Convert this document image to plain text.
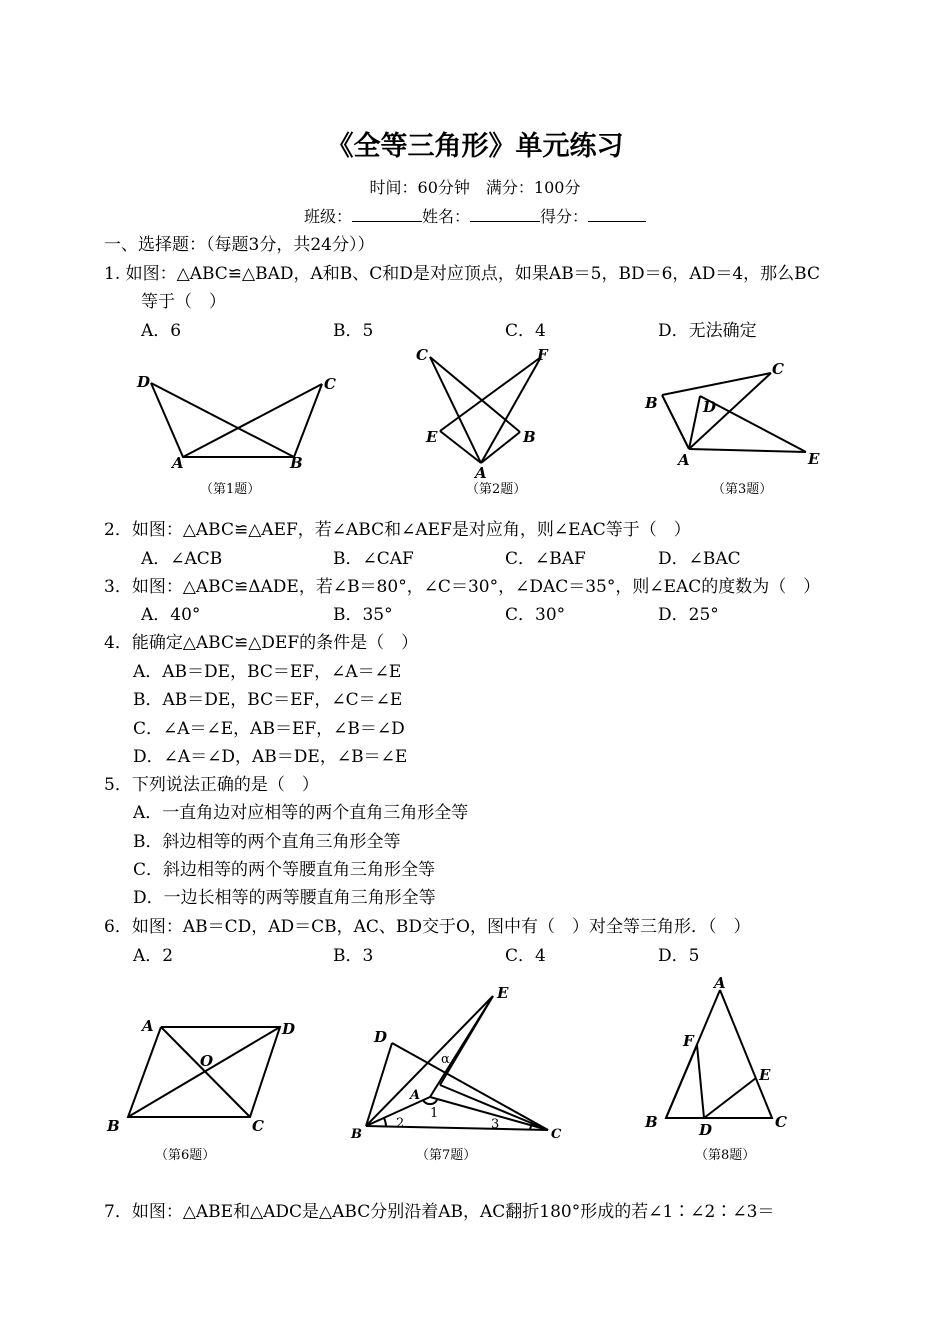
《全等三角形》单元练习
时间：60分钟　满分：100分
班级：	姓名：	得分：
一、选择题：（每题3分，共24分））
1. 如图：△ABC≌△BAD，A和B、C和D是对应顶点，如果AB＝5，BD＝6，AD＝4，那么BC
等于（　）
A．6	B．5	C．4	D．无法确定
D	C
A	B
（第1题）
C	F
E	B
A
（第2题）
C
B	D
A	E
（第3题）
2．如图：△ABC≌△AEF，若∠ABC和∠AEF是对应角，则∠EAC等于（　）
A．∠ACB	B．∠CAF	C．∠BAF	D．∠BAC
3．如图：△ABC≌ΔADE，若∠B＝80°，∠C＝30°，∠DAC＝35°，则∠EAC的度数为（　）
A．40°	B．35°	C．30°	D．25°
4．能确定△ABC≌△DEF的条件是（　）
A．AB＝DE，BC＝EF，∠A＝∠E
B．AB＝DE，BC＝EF，∠C＝∠E
C．∠A＝∠E，AB＝EF，∠B＝∠D
D．∠A＝∠D，AB＝DE，∠B＝∠E
5．下列说法正确的是（　）
A．一直角边对应相等的两个直角三角形全等
B．斜边相等的两个直角三角形全等
C．斜边相等的两个等腰直角三角形全等
D．一边长相等的两等腰直角三角形全等
6．如图：AB＝CD，AD＝CB，AC、BD交于O，图中有（　）对全等三角形．（　）
A．2	B．3	C．4	D．5
A	D
O
B	C
（第6题）
E
D
α
A
1
2	3
B	C
（第7题）
A
F
E
B	D	C
（第8题）
7．如图：△ABE和△ADC是△ABC分别沿着AB，AC翻折180°形成的若∠1∶∠2∶∠3＝
